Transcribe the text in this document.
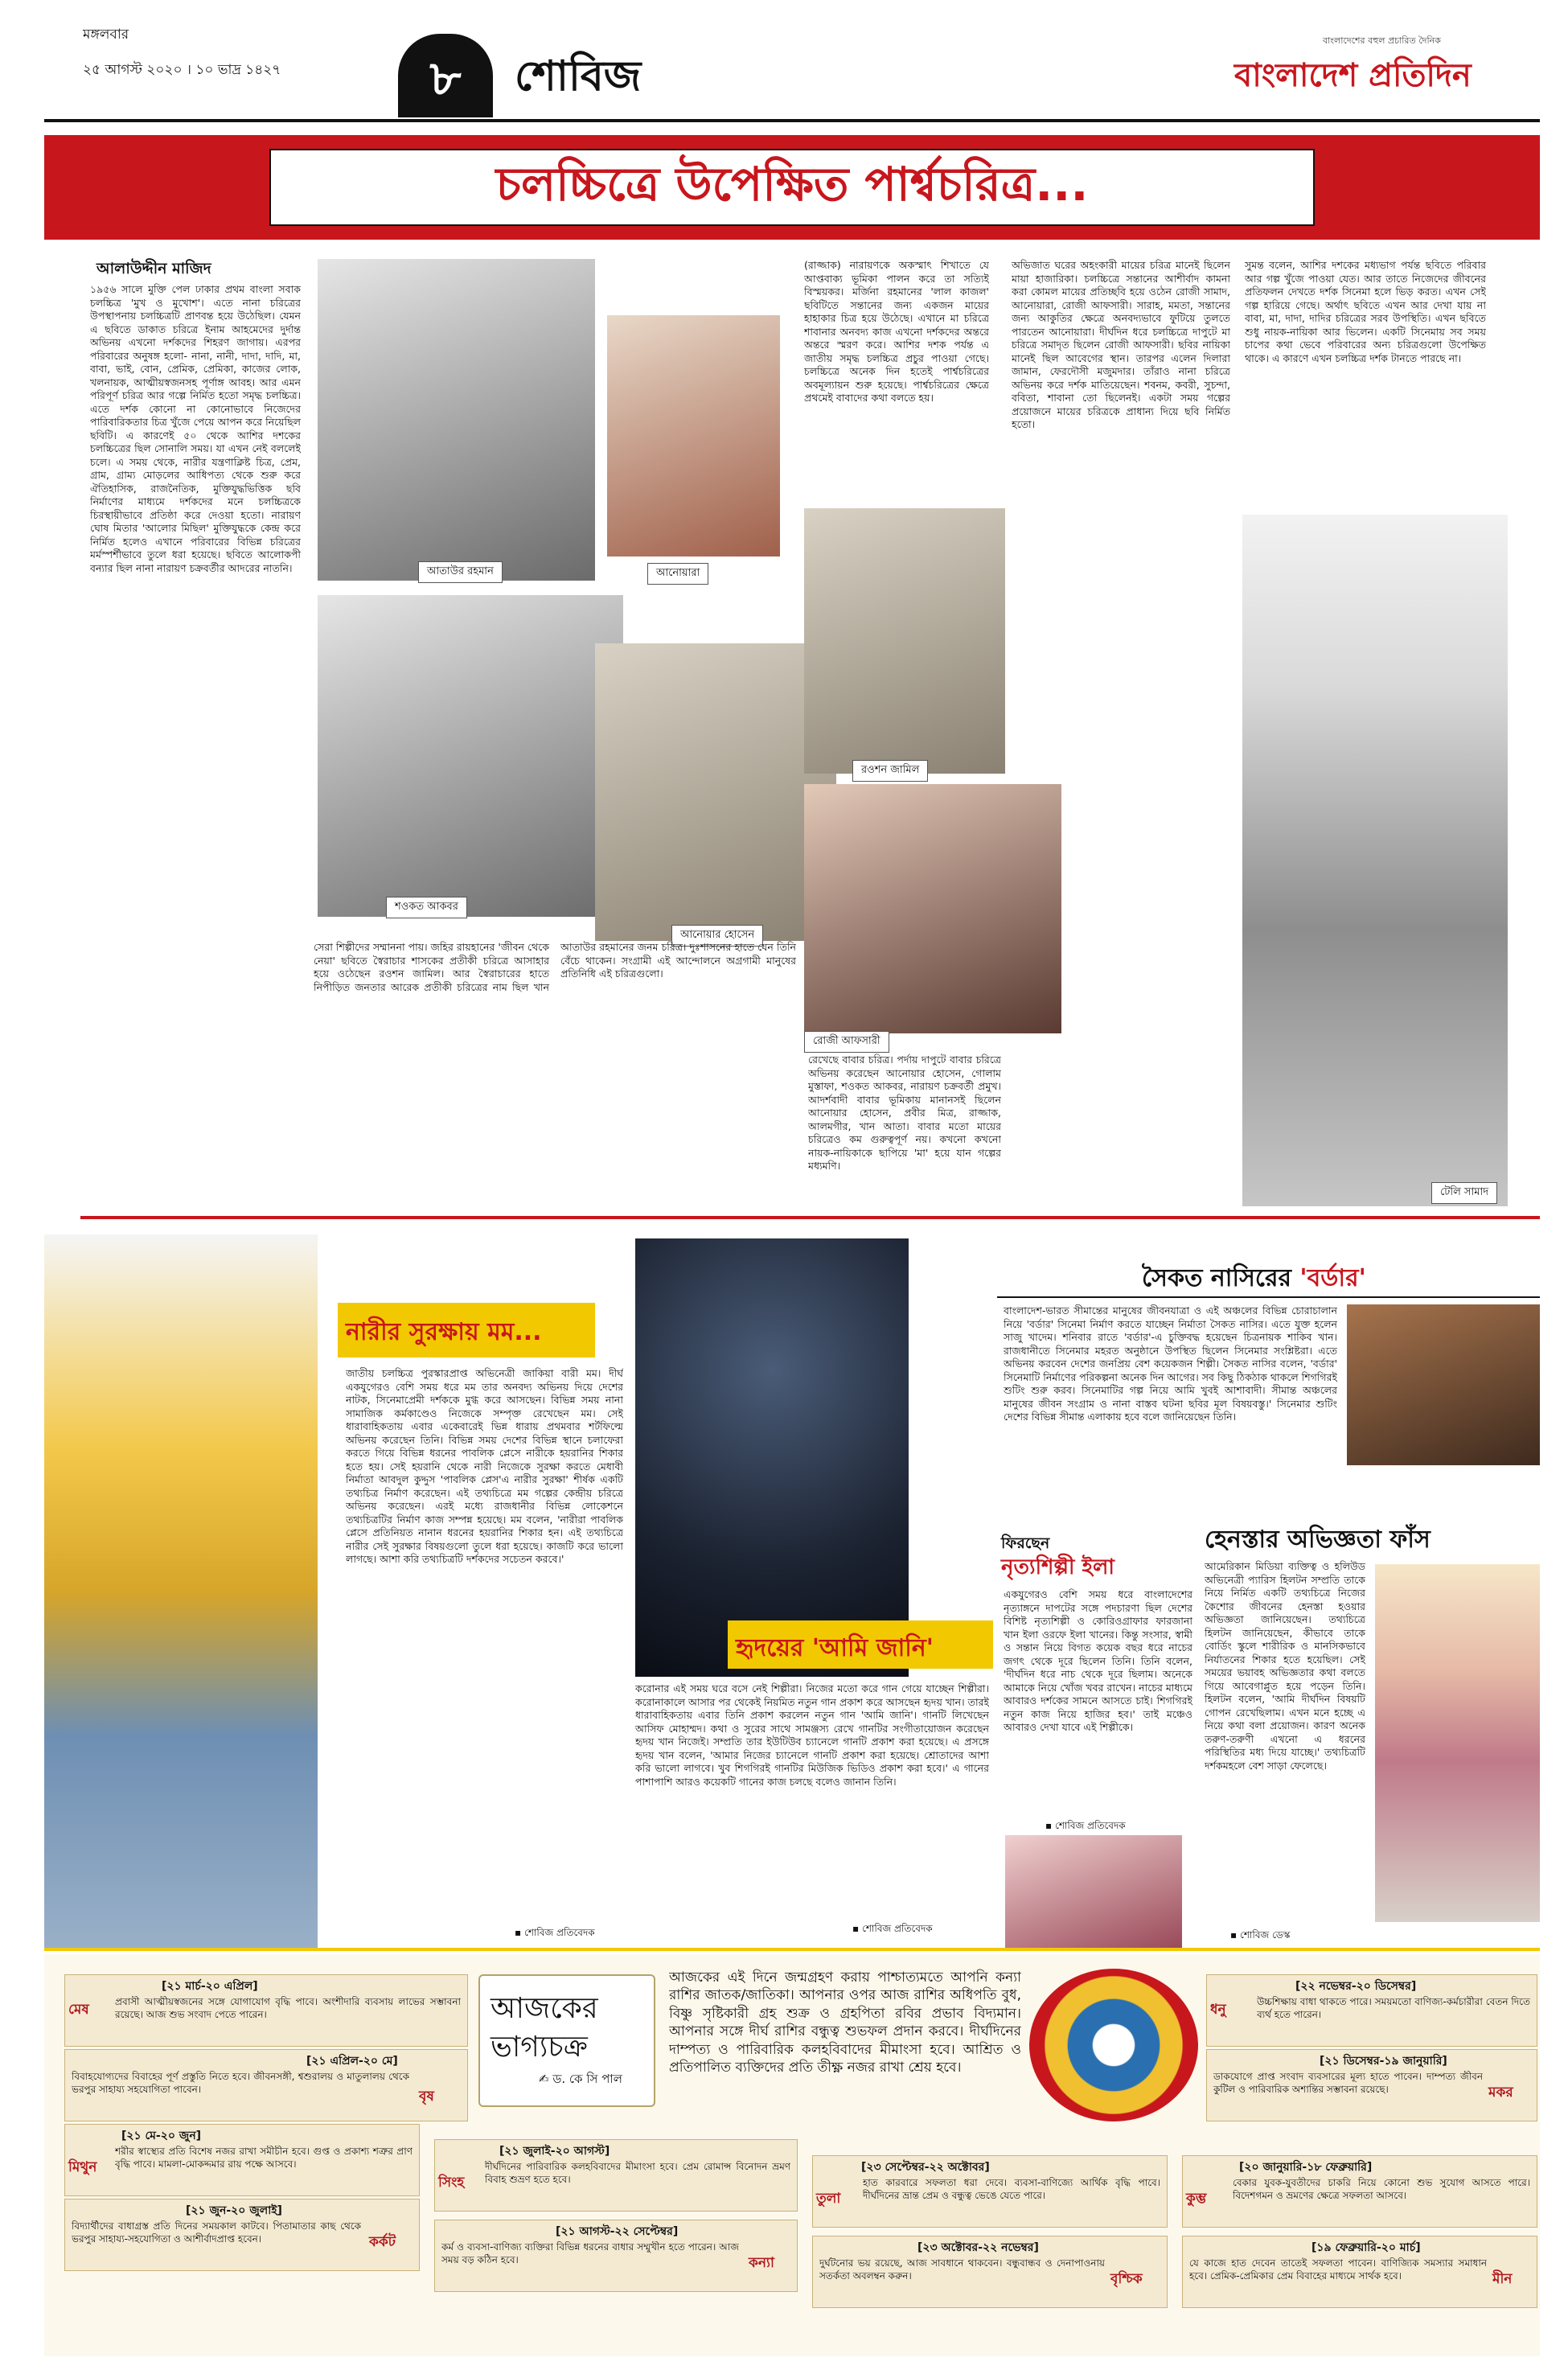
মঙ্গলবার
২৫ আগস্ট ২০২০ । ১০ ভাদ্র ১৪২৭	৮	শোবিজ
বাংলাদেশের বহুল প্রচারিত দৈনিক
বাংলাদেশ প্রতিদিন
চলচ্চিত্রে উপেক্ষিত পার্শ্বচরিত্র...
আলাউদ্দীন মাজিদ
১৯৫৬ সালে মুক্তি পেল ঢাকার প্রথম বাংলা সবাক চলচ্চিত্র 'মুখ ও মুখোশ'। এতে নানা চরিত্রের উপস্থাপনায় চলচ্চিত্রটি প্রাণবন্ত হয়ে উঠেছিল। যেমন এ ছবিতে ডাকাত চরিত্রে ইনাম আহমেদের দুর্দান্ত অভিনয় এখনো দর্শকদের শিহরণ জাগায়। এরপর পরিবারের অনুষঙ্গ হলো- নানা, নানী, দাদা, দাদি, মা, বাবা, ভাই, বোন, প্রেমিক, প্রেমিকা, কাজের লোক, খলনায়ক, আত্মীয়স্বজনসহ পূর্ণাঙ্গ আবহ। আর এমন পরিপূর্ণ চরিত্র আর গল্পে নির্মিত হতো সমৃদ্ধ চলচ্চিত্র। এতে দর্শক কোনো না কোনোভাবে নিজেদের পারিবারিকতার চিত্র খুঁজে পেয়ে আপন করে নিয়েছিল ছবিটি। এ কারণেই ৫০ থেকে আশির দশকের চলচ্চিত্রের ছিল সোনালি সময়। যা এখন নেই বললেই চলে। এ সময় থেকে, নারীর যন্ত্রণাক্লিষ্ট চিত্র, প্রেম, গ্রাম, গ্রাম্য মোড়লের আধিপত্য থেকে শুরু করে ঐতিহাসিক, রাজনৈতিক, মুক্তিযুদ্ধভিত্তিক ছবি নির্মাণের মাধ্যমে দর্শকদের মনে চলচ্চিত্রকে চিরস্থায়ীভাবে প্রতিষ্ঠা করে দেওয়া হতো। নারায়ণ ঘোষ মিতার 'আলোর মিছিল' মুক্তিযুদ্ধকে কেন্দ্র করে নির্মিত হলেও এখানে পরিবারের বিভিন্ন চরিত্রের মর্মস্পর্শীভাবে তুলে ধরা হয়েছে। ছবিতে আলোকপী বন্যার ছিল নানা নারায়ণ চক্রবর্তীর আদরের নাতনি।	আতাউর রহমান	আনোয়ারা
শওকত আকবর
আনোয়ার হোসেন
(রাজ্জাক) নারায়ণকে অকস্মাৎ শিখাতে যে আপ্তবাক্য ভূমিকা পালন করে তা সত্যিই বিস্ময়কর। মর্জিনা রহমানের 'লাল কাজল' ছবিটিতে সন্তানের জন্য একজন মায়ের হাহাকার চিত্র হয়ে উঠেছে। এখানে মা চরিত্রে শাবানার অনবদ্য কাজ এখনো দর্শকদের অন্তরে অন্তরে স্মরণ করে। আশির দশক পর্যন্ত এ জাতীয় সমৃদ্ধ চলচ্চিত্র প্রচুর পাওয়া গেছে। চলচ্চিত্রে অনেক দিন হতেই পার্শ্বচরিত্রের অবমূল্যায়ন শুরু হয়েছে। পার্শ্বচরিত্রের ক্ষেত্রে প্রথমেই বাবাদের কথা বলতে হয়।
রওশন জামিল
রোজী আফসারী
সেরা শিল্পীদের সম্মাননা পায়। জহির রায়হানের 'জীবন থেকে নেয়া' ছবিতে স্বৈরাচার শাসকের প্রতীকী চরিত্রে আসাহার হয়ে ওঠেছেন রওশন জামিল। আর স্বৈরাচারের হাতে নিপীড়িত জনতার আরেক প্রতীকী চরিত্রের নাম ছিল খান আতাউর রহমানের জনম চরিত্র। দুঃশাসনের হাতে যেন তিনি বেঁচে থাকেন। সংগ্রামী এই আন্দোলনে অগ্রগামী মানুষের প্রতিনিধি এই চরিত্রগুলো।
রেখেছে বাবার চরিত্র। পর্দায় দাপুটে বাবার চরিত্রে অভিনয় করেছেন আনোয়ার হোসেন, গোলাম মুস্তাফা, শওকত আকবর, নারায়ণ চক্রবর্তী প্রমুখ। আদর্শবাদী বাবার ভূমিকায় মানানসই ছিলেন আনোয়ার হোসেন, প্রবীর মিত্র, রাজ্জাক, আলমগীর, খান আতা। বাবার মতো মায়ের চরিত্রেও কম গুরুত্বপূর্ণ নয়। কখনো কখনো নায়ক-নায়িকাকে ছাপিয়ে 'মা' হয়ে যান গল্পের মধ্যমণি।
অভিজাত ঘরের অহংকারী মায়ের চরিত্র মানেই ছিলেন মায়া হাজারিকা। চলচ্চিত্রে সন্তানের আশীর্বাদ কামনা করা কোমল মায়ের প্রতিচ্ছবি হয়ে ওঠেন রোজী সামাদ, আনোয়ারা, রোজী আফসারী। সারাহ, মমতা, সন্তানের জন্য আকুতির ক্ষেত্রে অনবদ্যভাবে ফুটিয়ে তুলতে পারতেন আনোয়ারা। দীর্ঘদিন ধরে চলচ্চিত্রে দাপুটে মা চরিত্রে সমাদৃত ছিলেন রোজী আফসারী। ছবির নায়িকা মানেই ছিল আবেগের স্থান। তারপর এলেন দিলারা জামান, ফেরদৌসী মজুমদার। তাঁরাও নানা চরিত্রে অভিনয় করে দর্শক মাতিয়েছেন। শবনম, কবরী, সুচন্দা, ববিতা, শাবানা তো ছিলেনই। একটা সময় গল্পের প্রয়োজনে মায়ের চরিত্রকে প্রাধান্য দিয়ে ছবি নির্মিত হতো।
সুমন্ত বলেন, আশির দশকের মধ্যভাগ পর্যন্ত ছবিতে পরিবার আর গল্প খুঁজে পাওয়া যেত। আর তাতে নিজেদের জীবনের প্রতিফলন দেখতে দর্শক সিনেমা হলে ভিড় করত। এখন সেই গল্প হারিয়ে গেছে। অর্থাৎ ছবিতে এখন আর দেখা যায় না বাবা, মা, দাদা, দাদির চরিত্রের সরব উপস্থিতি। এখন ছবিতে শুধু নায়ক-নায়িকা আর ভিলেন। একটি সিনেমায় সব সময় চাপের কথা ভেবে পরিবারের অন্য চরিত্রগুলো উপেক্ষিত থাকে। এ কারণে এখন চলচ্চিত্র দর্শক টানতে পারছে না।
টেলি সামাদ
নারীর সুরক্ষায় মম...
জাতীয় চলচ্চিত্র পুরস্কারপ্রাপ্ত অভিনেত্রী জাকিয়া বারী মম। দীর্ঘ একযুগেরও বেশি সময় ধরে মম তার অনবদ্য অভিনয় দিয়ে দেশের নাটক, সিনেমাপ্রেমী দর্শককে মুগ্ধ করে আসছেন। বিভিন্ন সময় নানা সামাজিক কর্মকাণ্ডেও নিজেকে সম্পৃক্ত রেখেছেন মম। সেই ধারাবাহিকতায় এবার একেবারেই ভিন্ন ধারায় প্রথমবার শর্টফিল্মে অভিনয় করেছেন তিনি। বিভিন্ন সময় দেশের বিভিন্ন স্থানে চলাফেরা করতে গিয়ে বিভিন্ন ধরনের পাবলিক প্লেসে নারীকে হয়রানির শিকার হতে হয়। সেই হয়রানি থেকে নারী নিজেকে সুরক্ষা করতে মেধাবী নির্মাতা আবদুল কুদ্দুস 'পাবলিক প্লেস'এ নারীর সুরক্ষা' শীর্ষক একটি তথ্যচিত্র নির্মাণ করেছেন। এই তথ্যচিত্রে মম গল্পের কেন্দ্রীয় চরিত্রে অভিনয় করেছেন। এরই মধ্যে রাজধানীর বিভিন্ন লোকেশনে তথ্যচিত্রটির নির্মাণ কাজ সম্পন্ন হয়েছে। মম বলেন, 'নারীরা পাবলিক প্লেসে প্রতিনিয়ত নানান ধরনের হয়রানির শিকার হন। এই তথ্যচিত্রে নারীর সেই সুরক্ষার বিষয়গুলো তুলে ধরা হয়েছে। কাজটি করে ভালো লাগছে। আশা করি তথ্যচিত্রটি দর্শকদের সচেতন করবে।'
▪ শোবিজ প্রতিবেদক
হৃদয়ের 'আমি জানি'
করোনার এই সময় ঘরে বসে নেই শিল্পীরা। নিজের মতো করে গান গেয়ে যাচ্ছেন শিল্পীরা। করোনাকালে আসার পর থেকেই নিয়মিত নতুন গান প্রকাশ করে আসছেন হৃদয় খান। তারই ধারাবাহিকতায় এবার তিনি প্রকাশ করলেন নতুন গান 'আমি জানি'। গানটি লিখেছেন আসিফ মোহাম্মদ। কথা ও সুরের সাথে সামঞ্জস্য রেখে গানটির সংগীতায়োজন করেছেন হৃদয় খান নিজেই। সম্প্রতি তার ইউটিউব চ্যানেলে গানটি প্রকাশ করা হয়েছে। এ প্রসঙ্গে হৃদয় খান বলেন, 'আমার নিজের চ্যানেলে গানটি প্রকাশ করা হয়েছে। শ্রোতাদের আশা করি ভালো লাগবে। খুব শিগগিরই গানটির মিউজিক ভিডিও প্রকাশ করা হবে।' এ গানের পাশাপাশি আরও কয়েকটি গানের কাজ চলছে বলেও জানান তিনি।
▪ শোবিজ প্রতিবেদক
সৈকত নাসিরের 'বর্ডার'
বাংলাদেশ-ভারত সীমান্তের মানুষের জীবনযাত্রা ও এই অঞ্চলের বিভিন্ন চোরাচালান নিয়ে 'বর্ডার' সিনেমা নির্মাণ করতে যাচ্ছেন নির্মাতা সৈকত নাসির। এতে যুক্ত হলেন সাজু খাদেম। শনিবার রাতে 'বর্ডার'-এ চুক্তিবদ্ধ হয়েছেন চিত্রনায়ক শাকিব খান। রাজধানীতে সিনেমার মহরত অনুষ্ঠানে উপস্থিত ছিলেন সিনেমার সংশ্লিষ্টরা। এতে অভিনয় করবেন দেশের জনপ্রিয় বেশ কয়েকজন শিল্পী। সৈকত নাসির বলেন, 'বর্ডার' সিনেমাটি নির্মাণের পরিকল্পনা অনেক দিন আগের। সব কিছু ঠিকঠাক থাকলে শিগগিরই শুটিং শুরু করব। সিনেমাটির গল্প নিয়ে আমি খুবই আশাবাদী। সীমান্ত অঞ্চলের মানুষের জীবন সংগ্রাম ও নানা বাস্তব ঘটনা ছবির মূল বিষয়বস্তু।' সিনেমার শুটিং দেশের বিভিন্ন সীমান্ত এলাকায় হবে বলে জানিয়েছেন তিনি।
ফিরছেন
নৃত্যশিল্পী ইলা
একযুগেরও বেশি সময় ধরে বাংলাদেশের নৃত্যাঙ্গনে দাপটের সঙ্গে পদচারণা ছিল দেশের বিশিষ্ট নৃত্যশিল্পী ও কোরিওগ্রাফার ফারজানা খান ইলা ওরফে ইলা খানের। কিন্তু সংসার, স্বামী ও সন্তান নিয়ে বিগত কয়েক বছর ধরে নাচের জগৎ থেকে দূরে ছিলেন তিনি। তিনি বলেন, 'দীর্ঘদিন ধরে নাচ থেকে দূরে ছিলাম। অনেকে আমাকে নিয়ে খোঁজ খবর রাখেন। নাচের মাধ্যমে আবারও দর্শকের সামনে আসতে চাই। শিগগিরই নতুন কাজ নিয়ে হাজির হব।' তাই মঞ্চেও আবারও দেখা যাবে এই শিল্পীকে।
▪ শোবিজ প্রতিবেদক
হেনস্তার অভিজ্ঞতা ফাঁস
আমেরিকান মিডিয়া ব্যক্তিত্ব ও হলিউড অভিনেত্রী প্যারিস হিলটন সম্প্রতি তাকে নিয়ে নির্মিত একটি তথ্যচিত্রে নিজের কৈশোর জীবনের হেনস্তা হওয়ার অভিজ্ঞতা জানিয়েছেন। তথ্যচিত্রে হিলটন জানিয়েছেন, কীভাবে তাকে বোর্ডিং স্কুলে শারীরিক ও মানসিকভাবে নির্যাতনের শিকার হতে হয়েছিল। সেই সময়ের ভয়াবহ অভিজ্ঞতার কথা বলতে গিয়ে আবেগাপ্লুত হয়ে পড়েন তিনি। হিলটন বলেন, 'আমি দীর্ঘদিন বিষয়টি গোপন রেখেছিলাম। এখন মনে হচ্ছে এ নিয়ে কথা বলা প্রয়োজন। কারণ অনেক তরুণ-তরুণী এখনো এ ধরনের পরিস্থিতির মধ্য দিয়ে যাচ্ছে।' তথ্যচিত্রটি দর্শকমহলে বেশ সাড়া ফেলেছে।
▪ শোবিজ ডেস্ক
আজকের
ভাগ্যচক্র
✍ ড. কে সি পাল
আজকের এই দিনে জন্মগ্রহণ করায় পাশ্চাত্যমতে আপনি কন্যা রাশির জাতক/জাতিকা। আপনার ওপর আজ রাশির অধিপতি বুধ, বিষ্ণু সৃষ্টিকারী গ্রহ শুক্র ও গ্রহপিতা রবির প্রভাব বিদ্যমান। আপনার সঙ্গে দীর্ঘ রাশির বন্ধুত্ব শুভফল প্রদান করবে। দীর্ঘদিনের দাম্পত্য ও পারিবারিক কলহবিবাদের মীমাংসা হবে। আশ্রিত ও প্রতিপালিত ব্যক্তিদের প্রতি তীক্ষ্ণ নজর রাখা শ্রেয় হবে।
মেষ
[২১ মার্চ-২০ এপ্রিল]
প্রবাসী আত্মীয়স্বজনের সঙ্গে যোগাযোগ বৃদ্ধি পাবে। অংশীদারি ব্যবসায় লাভের সম্ভাবনা রয়েছে। আজ শুভ সংবাদ পেতে পারেন।
বৃষ
[২১ এপ্রিল-২০ মে]
বিবাহযোগ্যদের বিবাহের পূর্ণ প্রস্তুতি নিতে হবে। জীবনসঙ্গী, শ্বশুরালয় ও মাতুলালয় থেকে ভরপুর সাহায্য সহযোগিতা পাবেন।
মিথুন
[২১ মে-২০ জুন]
শরীর স্বাস্থ্যের প্রতি বিশেষ নজর রাখা সমীচীন হবে। গুপ্ত ও প্রকাশ্য শত্রুর প্রাণ বৃদ্ধি পাবে। মামলা-মোকদ্দমার রায় পক্ষে আসবে।
কর্কট
[২১ জুন-২০ জুলাই]
বিদ্যার্থীদের বাধাগ্রস্ত প্রতি দিনের সময়কাল কাটবে। পিতামাতার কাছ থেকে ভরপুর সাহায্য-সহযোগিতা ও আশীর্বাদপ্রাপ্ত হবেন।
সিংহ
[২১ জুলাই-২০ আগস্ট]
দীর্ঘদিনের পারিবারিক কলহবিবাদের মীমাংসা হবে। প্রেম রোমান্স বিনোদন ভ্রমণ বিবাহ শুভ্রণ হতে হবে।
কন্যা
[২১ আগস্ট-২২ সেপ্টেম্বর]
কর্ম ও ব্যবসা-বাণিজ্য ব্যক্তিরা বিভিন্ন ধরনের বাধার সম্মুখীন হতে পারেন। আজ সময় বড় কঠিন হবে।
তুলা
[২৩ সেপ্টেম্বর-২২ অক্টোবর]
হাত কারবারে সফলতা ধরা দেবে। ব্যবসা-বাণিজ্যে আর্থিক বৃদ্ধি পাবে। দীর্ঘদিনের ভ্রান্ত প্রেম ও বন্ধুত্ব ভেঙে যেতে পারে।
বৃশ্চিক
[২৩ অক্টোবর-২২ নভেম্বর]
দুর্ঘটনাের ভয় রয়েছে, আজ সাবধানে থাকবেন। বন্ধুবান্ধব ও দেনাপাওনায় সতর্কতা অবলম্বন করুন।
ধনু
[২২ নভেম্বর-২০ ডিসেম্বর]
উচ্চশিক্ষায় বাধা থাকতে পারে। সময়মতো বাণিজ্য-কর্মচারীরা বেতন দিতে ব্যর্থ হতে পারেন।
মকর
[২১ ডিসেম্বর-১৯ জানুয়ারি]
ডাকযোগে প্রাপ্ত সংবাদ ব্যবসারের মূল্য হাতে পাবেন। দাম্পত্য জীবন কুটিল ও পারিবারিক অশান্তির সম্ভাবনা রয়েছে।
কুম্ভ
[২০ জানুয়ারি-১৮ ফেব্রুয়ারি]
বেকার যুবক-যুবতীদের চাকরি নিয়ে কোনো শুভ সুযোগ আসতে পারে। বিদেশগমন ও ভ্রমণের ক্ষেত্রে সফলতা আসবে।
মীন
[১৯ ফেব্রুয়ারি-২০ মার্চ]
যে কাজে হাত দেবেন তাতেই সফলতা পাবেন। বাণিজ্যিক সমস্যার সমাধান হবে। প্রেমিক-প্রেমিকার প্রেম বিবাহের মাধ্যমে সার্থক হবে।
